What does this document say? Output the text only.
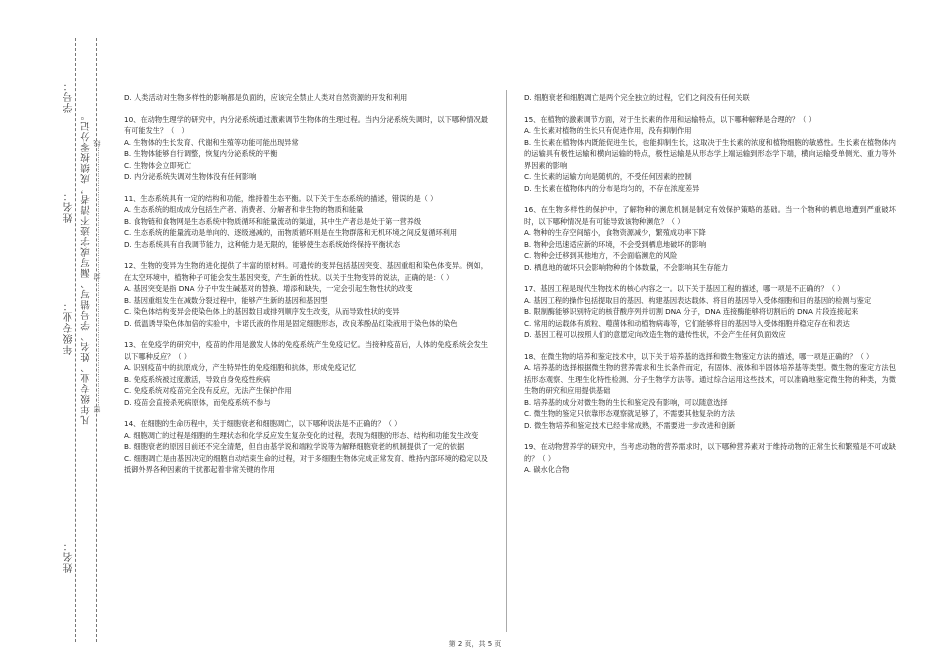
姓名：
年级专业：
姓名：
学号：
凡年级专业、姓名、学号错写、漏写或字迹不清者，成绩按零分记。 密………………………………………………封………………………………………………线

D. 人类活动对生物多样性的影响都是负面的，应该完全禁止人类对自然资源的开发和利用

10、在动物生理学的研究中，内分泌系统通过激素调节生物体的生理过程。当内分泌系统失调时，以下哪种情况最有可能发生？（　）

A. 生物体的生长发育、代谢和生殖等功能可能出现异常

B. 生物体能够自行调整，恢复内分泌系统的平衡

C. 生物体会立即死亡

D. 内分泌系统失调对生物体没有任何影响

11、生态系统具有一定的结构和功能，维持着生态平衡。以下关于生态系统的描述，错误的是（ ）

A. 生态系统的组成成分包括生产者、消费者、分解者和非生物的物质和能量

B. 食物链和食物网是生态系统中物质循环和能量流动的渠道，其中生产者总是处于第一营养级

C. 生态系统的能量流动是单向的、逐级递减的，而物质循环则是在生物群落和无机环境之间反复循环利用

D. 生态系统具有自我调节能力，这种能力是无限的，能够使生态系统始终保持平衡状态

12、生物的变异为生物的进化提供了丰富的原材料。可遗传的变异包括基因突变、基因重组和染色体变异。例如，在太空环境中，植物种子可能会发生基因突变，产生新的性状。以关于生物变异的说法，正确的是：（ ）

A. 基因突变是指 DNA 分子中发生碱基对的替换、增添和缺失，一定会引起生物性状的改变

B. 基因重组发生在减数分裂过程中，能够产生新的基因和基因型

C. 染色体结构变异会使染色体上的基因数目或排列顺序发生改变，从而导致性状的变异

D. 低温诱导染色体加倍的实验中，卡诺氏液的作用是固定细胞形态，改良苯酚品红染液用于染色体的染色

13、在免疫学的研究中，疫苗的作用是激发人体的免疫系统产生免疫记忆。当接种疫苗后，人体的免疫系统会发生以下哪种反应？（ ）

A. 识别疫苗中的抗原成分，产生特异性的免疫细胞和抗体，形成免疫记忆

B. 免疫系统被过度激活，导致自身免疫性疾病

C. 免疫系统对疫苗完全没有反应，无法产生保护作用

D. 疫苗会直接杀死病原体，而免疫系统不参与

14、在细胞的生命历程中，关于细胞衰老和细胞凋亡，以下哪种说法是不正确的？（ ）

A. 细胞凋亡的过程是细胞的生理状态和化学反应发生复杂变化的过程，表现为细胞的形态、结构和功能发生改变

B. 细胞衰老的原因目前还不完全清楚，但自由基学说和端粒学说等为解释细胞衰老的机制提供了一定的依据

C. 细胞凋亡是由基因决定的细胞自动结束生命的过程，对于多细胞生物体完成正常发育、维持内部环境的稳定以及抵御外界各种因素的干扰都起着非常关键的作用

D. 细胞衰老和细胞凋亡是两个完全独立的过程，它们之间没有任何关联

15、在植物的激素调节方面，对于生长素的作用和运输特点，以下哪种解释是合理的？（ ）

A. 生长素对植物的生长只有促进作用，没有抑制作用

B. 生长素在植物体内既能促进生长，也能抑制生长，这取决于生长素的浓度和植物细胞的敏感性。生长素在植物体内的运输具有极性运输和横向运输的特点，极性运输是从形态学上端运输到形态学下端，横向运输受单侧光、重力等外界因素的影响

C. 生长素的运输方向是随机的，不受任何因素的控制

D. 生长素在植物体内的分布是均匀的，不存在浓度差异

16、在生物多样性的保护中，了解物种的濒危机制是制定有效保护策略的基础。当一个物种的栖息地遭到严重破坏时，以下哪种情况是有可能导致该物种濒危？（ ）

A. 物种的生存空间缩小，食物资源减少，繁殖成功率下降

B. 物种会迅速适应新的环境，不会受到栖息地破坏的影响

C. 物种会迁移到其他地方，不会面临濒危的风险

D. 栖息地的破坏只会影响物种的个体数量，不会影响其生存能力

17、基因工程是现代生物技术的核心内容之一。以下关于基因工程的描述，哪一项是不正确的？（ ）

A. 基因工程的操作包括提取目的基因、构建基因表达载体、将目的基因导入受体细胞和目的基因的检测与鉴定

B. 限制酶能够识别特定的核苷酸序列并切割 DNA 分子，DNA 连接酶能够将切割后的 DNA 片段连接起来

C. 常用的运载体有质粒、噬菌体和动植物病毒等，它们能够将目的基因导入受体细胞并稳定存在和表达

D. 基因工程可以按照人们的意愿定向改造生物的遗传性状，不会产生任何负面效应

18、在微生物的培养和鉴定技术中，以下关于培养基的选择和微生物鉴定方法的描述，哪一项是正确的？（ ）

A. 培养基的选择根据微生物的营养需求和生长条件而定，有固体、液体和半固体培养基等类型。微生物的鉴定方法包括形态观察、生理生化特性检测、分子生物学方法等。通过综合运用这些技术，可以准确地鉴定微生物的种类，为微生物的研究和应用提供基础

B. 培养基的成分对微生物的生长和鉴定没有影响，可以随意选择

C. 微生物的鉴定只依靠形态观察就足够了，不需要其他复杂的方法

D. 微生物培养和鉴定技术已经非常成熟，不需要进一步改进和创新

19、在动物营养学的研究中，当考虑动物的营养需求时，以下哪种营养素对于维持动物的正常生长和繁殖是不可或缺的？（ ）

A. 碳水化合物

第 2 页，共 5 页
